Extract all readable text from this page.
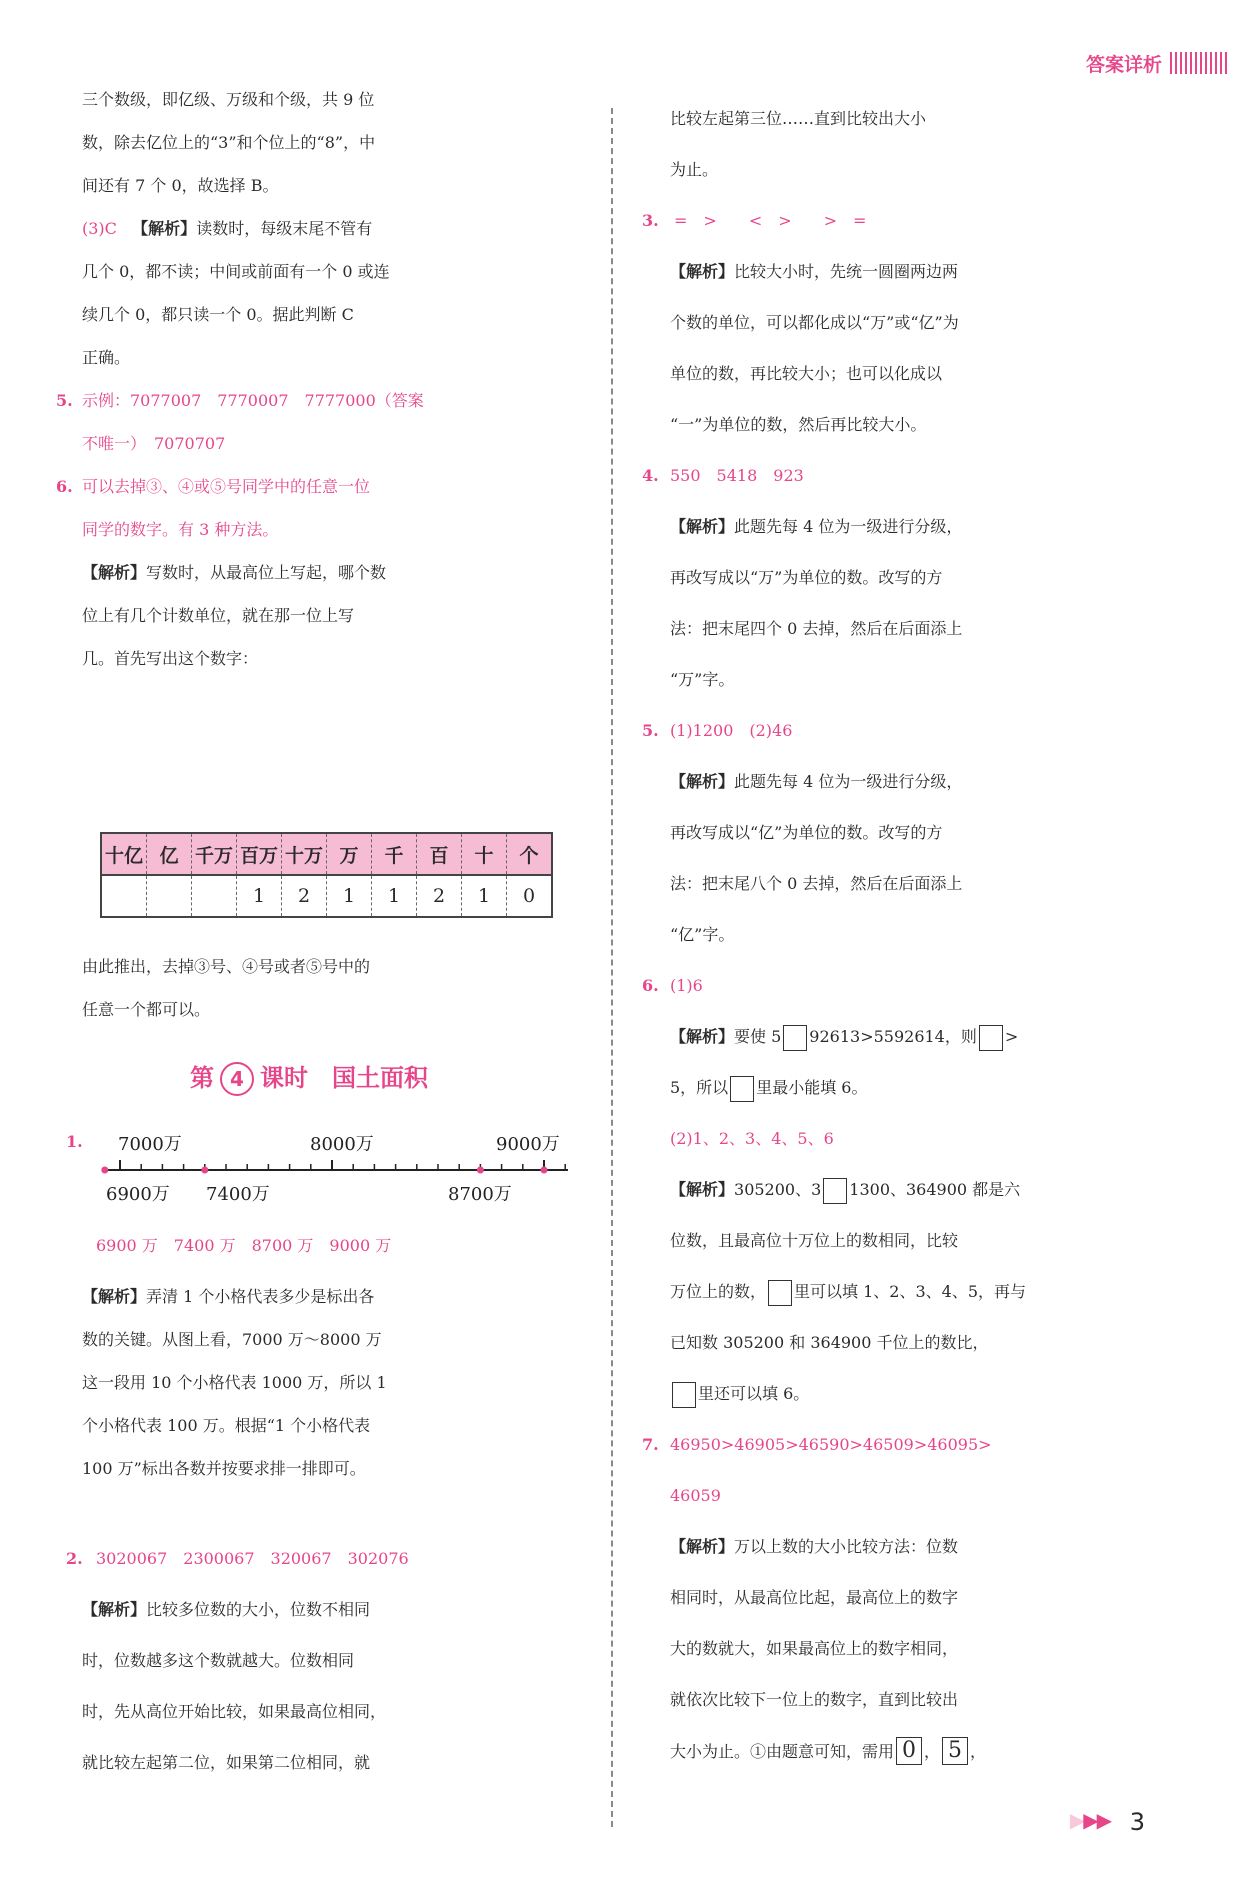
答案详析
三个数级，即亿级、万级和个级，共 9 位
数，除去亿位上的“3”和个位上的“8”，中
间还有 7 个 0，故选择 B。
(3)C 【解析】读数时，每级末尾不管有
几个 0，都不读；中间或前面有一个 0 或连
续几个 0，都只读一个 0。据此判断 C
正确。
5. 示例：7077007　7770007　7777000（答案
不唯一）　7070707
6. 可以去掉③、④或⑤号同学中的任意一位
同学的数字。有 3 种方法。
【解析】写数时，从最高位上写起，哪个数
位上有几个计数单位，就在那一位上写
几。首先写出这个数字：
十亿	亿	千万	百万	十万	万	千	百	十	个
			1	2	1	1	2	1	0
由此推出，去掉③号、④号或者⑤号中的
任意一个都可以。
第 4 课时　国土面积
1. 7000万	8000万	9000万
6900万 7400万	8700万
6900 万　7400 万　8700 万　9000 万
【解析】弄清 1 个小格代表多少是标出各
数的关键。从图上看，7000 万～8000 万
这一段用 10 个小格代表 1000 万，所以 1
个小格代表 100 万。根据“1 个小格代表
100 万”标出各数并按要求排一排即可。
2. 3020067　2300067　320067　302076
【解析】比较多位数的大小，位数不相同
时，位数越多这个数就越大。位数相同
时，先从高位开始比较，如果最高位相同，
就比较左起第二位，如果第二位相同，就
比较左起第三位……直到比较出大小
为止。
3. =　>　　<　>　　>　=
【解析】比较大小时，先统一圆圈两边两
个数的单位，可以都化成以“万”或“亿”为
单位的数，再比较大小；也可以化成以
“一”为单位的数，然后再比较大小。
4. 550　5418　923
【解析】此题先每 4 位为一级进行分级，
再改写成以“万”为单位的数。改写的方
法：把末尾四个 0 去掉，然后在后面添上
“万”字。
5. (1)1200　(2)46
【解析】此题先每 4 位为一级进行分级，
再改写成以“亿”为单位的数。改写的方
法：把末尾八个 0 去掉，然后在后面添上
“亿”字。
6. (1)6
【解析】要使 5 92613>5592614，则 >
5，所以 里最小能填 6。
(2)1、2、3、4、5、6
【解析】305200、3 1300、364900 都是六
位数，且最高位十万位上的数相同，比较
万位上的数， 里可以填 1、2、3、4、5，再与
已知数 305200 和 364900 千位上的数比，
里还可以填 6。
7. 46950>46905>46590>46509>46095>
46059
【解析】万以上数的大小比较方法：位数
相同时，从最高位比起，最高位上的数字
大的数就大，如果最高位上的数字相同，
就依次比较下一位上的数字，直到比较出
大小为止。①由题意可知，需用 0 ， 5 ，
▶▶▶ 3
